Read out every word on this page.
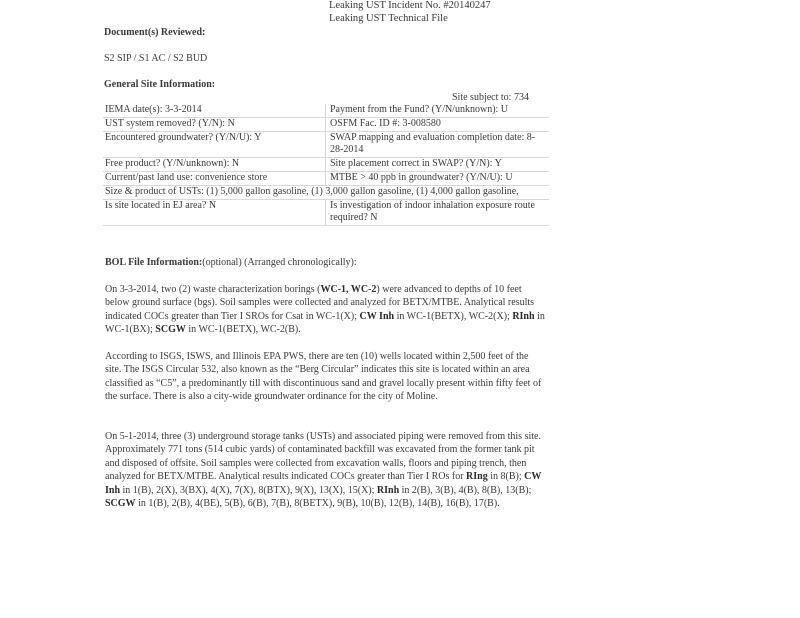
Leaking UST Incident No. #20140247
Leaking UST Technical File
Document(s) Reviewed:
S2 SIP / S1 AC / S2 BUD
General Site Information:
Site subject to: 734
IEMA date(s): 3-3-2014	Payment from the Fund? (Y/N/unknown): U
UST system removed? (Y/N): N	OSFM Fac. ID #: 3-008580
Encountered groundwater? (Y/N/U): Y	SWAP mapping and evaluation completion date: 8-28-2014
Free product? (Y/N/unknown): N	Site placement correct in SWAP? (Y/N): Y
Current/past land use: convenience store	MTBE > 40 ppb in groundwater? (Y/N/U): U
Size & product of USTs: (1) 5,000 gallon gasoline, (1) 3,000 gallon gasoline, (1) 4,000 gallon gasoline,	
Is site located in EJ area? N	Is investigation of indoor inhalation exposure route required? N
BOL File Information:(optional) (Arranged chronologically):
On 3-3-2014, two (2) waste characterization borings (WC-1, WC-2) were advanced to depths of 10 feet below ground surface (bgs). Soil samples were collected and analyzed for BETX/MTBE. Analytical results indicated COCs greater than Tier I SROs for Csat in WC-1(X); CW Inh in WC-1(BETX), WC-2(X); RInh in WC-1(BX); SCGW in WC-1(BETX), WC-2(B).
According to ISGS, ISWS, and Illinois EPA PWS, there are ten (10) wells located within 2,500 feet of the site. The ISGS Circular 532, also known as the “Berg Circular” indicates this site is located within an area classified as “C5”, a predominantly till with discontinuous sand and gravel locally present within fifty feet of the surface. There is also a city-wide groundwater ordinance for the city of Moline.
On 5-1-2014, three (3) underground storage tanks (USTs) and associated piping were removed from this site. Approximately 771 tons (514 cubic yards) of contaminated backfill was excavated from the former tank pit and disposed of offsite. Soil samples were collected from excavation walls, floors and piping trench, then analyzed for BETX/MTBE. Analytical results indicated COCs greater than Tier I ROs for RIng in 8(B); CW Inh in 1(B), 2(X), 3(BX), 4(X), 7(X), 8(BTX), 9(X), 13(X), 15(X); RInh in 2(B), 3(B), 4(B), 8(B), 13(B); SCGW in 1(B), 2(B), 4(BE), 5(B), 6(B), 7(B), 8(BETX), 9(B), 10(B), 12(B), 14(B), 16(B), 17(B).
